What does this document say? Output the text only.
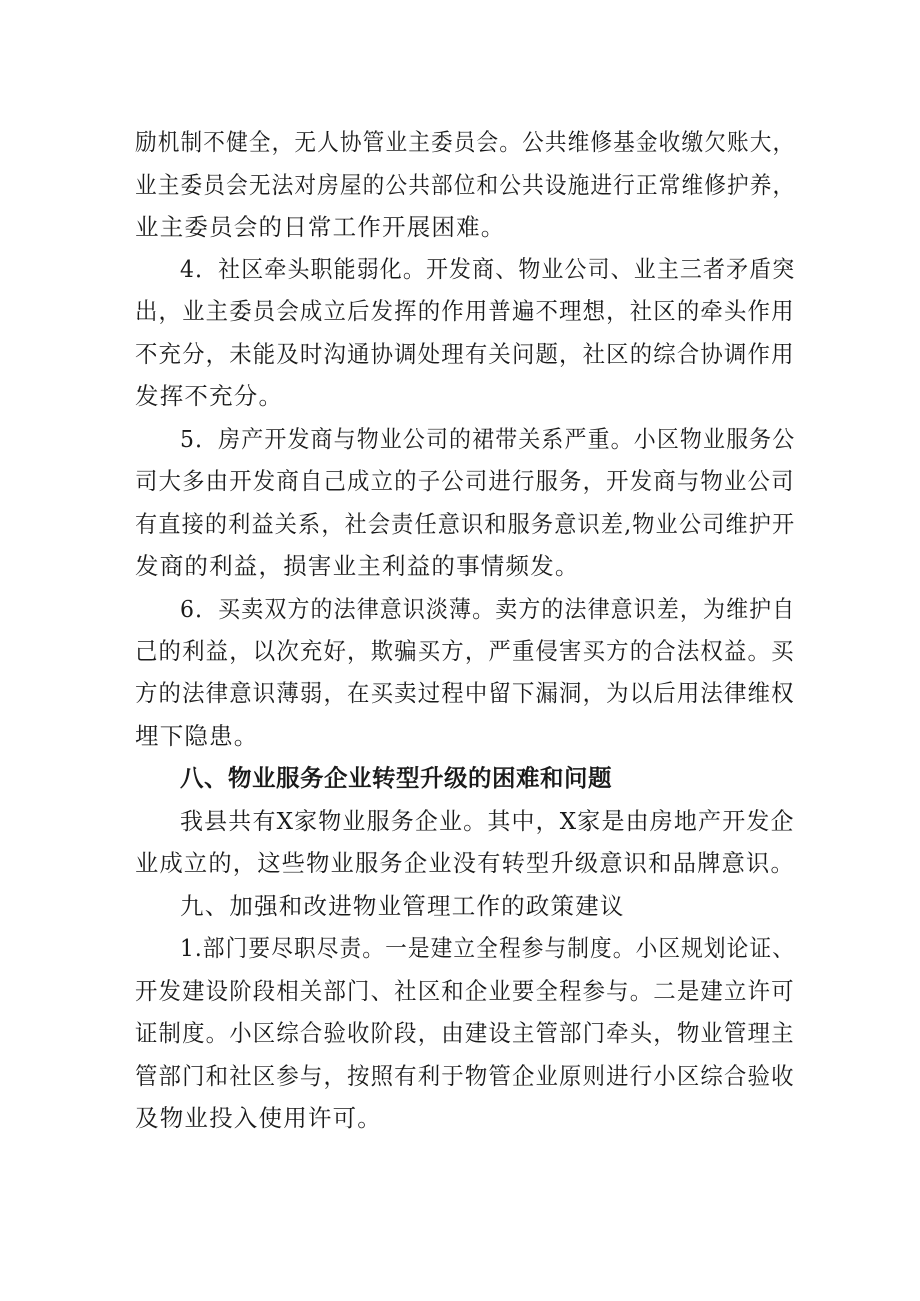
励机制不健全，无人协管业主委员会。公共维修基金收缴欠账大，
业主委员会无法对房屋的公共部位和公共设施进行正常维修护养，
业主委员会的日常工作开展困难。
4．社区牵头职能弱化。开发商、物业公司、业主三者矛盾突
出，业主委员会成立后发挥的作用普遍不理想，社区的牵头作用
不充分，未能及时沟通协调处理有关问题，社区的综合协调作用
发挥不充分。
5．房产开发商与物业公司的裙带关系严重。小区物业服务公
司大多由开发商自己成立的子公司进行服务，开发商与物业公司
有直接的利益关系，社会责任意识和服务意识差,物业公司维护开
发商的利益，损害业主利益的事情频发。
6．买卖双方的法律意识淡薄。卖方的法律意识差，为维护自
己的利益，以次充好，欺骗买方，严重侵害买方的合法权益。买
方的法律意识薄弱，在买卖过程中留下漏洞，为以后用法律维权
埋下隐患。
八、物业服务企业转型升级的困难和问题
我县共有X家物业服务企业。其中，X家是由房地产开发企
业成立的，这些物业服务企业没有转型升级意识和品牌意识。
九、加强和改进物业管理工作的政策建议
1.部门要尽职尽责。一是建立全程参与制度。小区规划论证、
开发建设阶段相关部门、社区和企业要全程参与。二是建立许可
证制度。小区综合验收阶段，由建设主管部门牵头，物业管理主
管部门和社区参与，按照有利于物管企业原则进行小区综合验收
及物业投入使用许可。
